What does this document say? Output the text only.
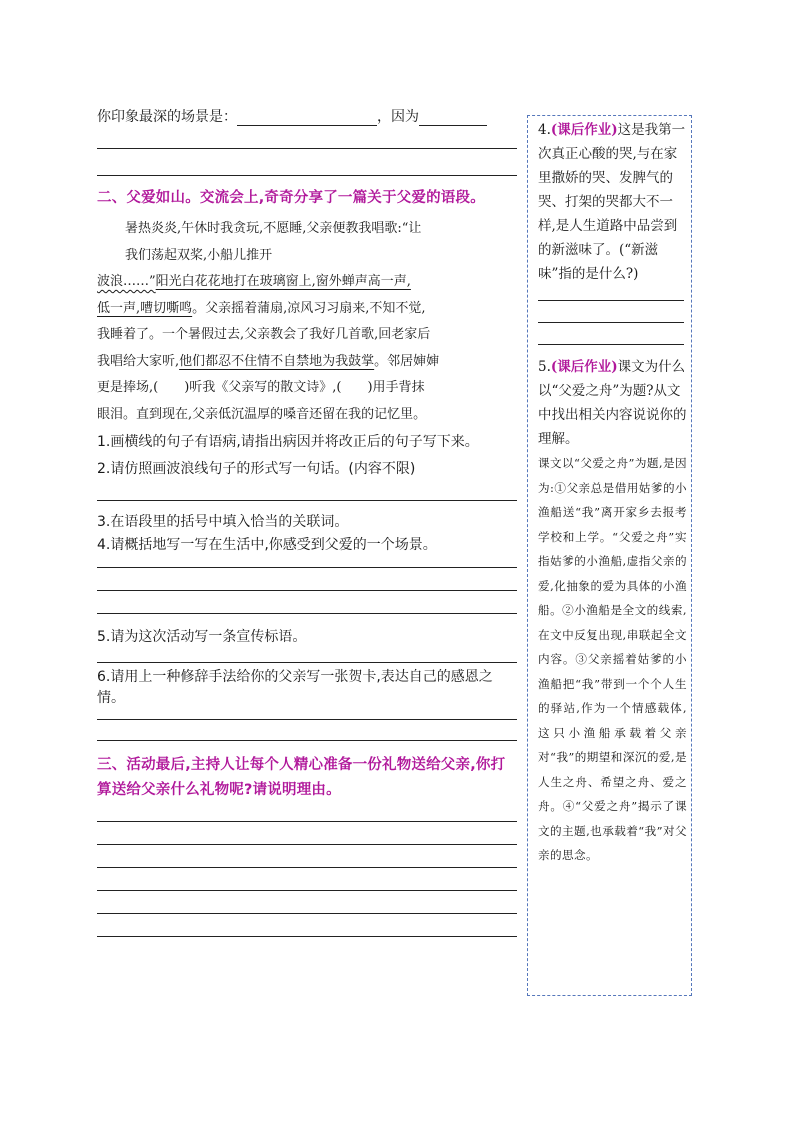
你印象最深的场景是：	，因为
二、父爱如山。交流会上,奇奇分享了一篇关于父爱的语段。
暑热炎炎,午休时我贪玩,不愿睡,父亲便教我唱歌:“让
我们荡起双桨,小船儿推开
波浪……”阳光白花花地打在玻璃窗上,窗外蝉声高一声,
低一声,嘈切嘶鸣。父亲摇着蒲扇,凉风习习扇来,不知不觉,
我睡着了。一个暑假过去,父亲教会了我好几首歌,回老家后
我唱给大家听,他们都忍不住情不自禁地为我鼓掌。邻居婶婶
更是捧场,(　　)听我《父亲写的散文诗》,(　　)用手背抹
眼泪。直到现在,父亲低沉温厚的嗓音还留在我的记忆里。
1.画横线的句子有语病,请指出病因并将改正后的句子写下来。
2.请仿照画波浪线句子的形式写一句话。(内容不限)
3.在语段里的括号中填入恰当的关联词。
4.请概括地写一写在生活中,你感受到父爱的一个场景。
5.请为这次活动写一条宣传标语。
6.请用上一种修辞手法给你的父亲写一张贺卡,表达自己的感恩之情。
三、活动最后,主持人让每个人精心准备一份礼物送给父亲,你打算送给父亲什么礼物呢?请说明理由。
4.(课后作业)这是我第一次真正心酸的哭,与在家里撒娇的哭、发脾气的哭、打架的哭都大不一样,是人生道路中品尝到的新滋味了。(“新滋味”指的是什么?)
5.(课后作业)课文为什么以“父爱之舟”为题?从文中找出相关内容说说你的理解。
课文以“父爱之舟”为题,是因为:①父亲总是借用姑爹的小渔船送“我”离开家乡去报考学校和上学。“父爱之舟”实指姑爹的小渔船,虚指父亲的爱,化抽象的爱为具体的小渔船。②小渔船是全文的线索,在文中反复出现,串联起全文内容。③父亲摇着姑爹的小渔船把“我”带到一个个人生的驿站,作为一个情感载体,这只小渔船承载着父亲对“我”的期望和深沉的爱,是人生之舟、希望之舟、爱之舟。④“父爱之舟”揭示了课文的主题,也承载着“我”对父亲的思念。
